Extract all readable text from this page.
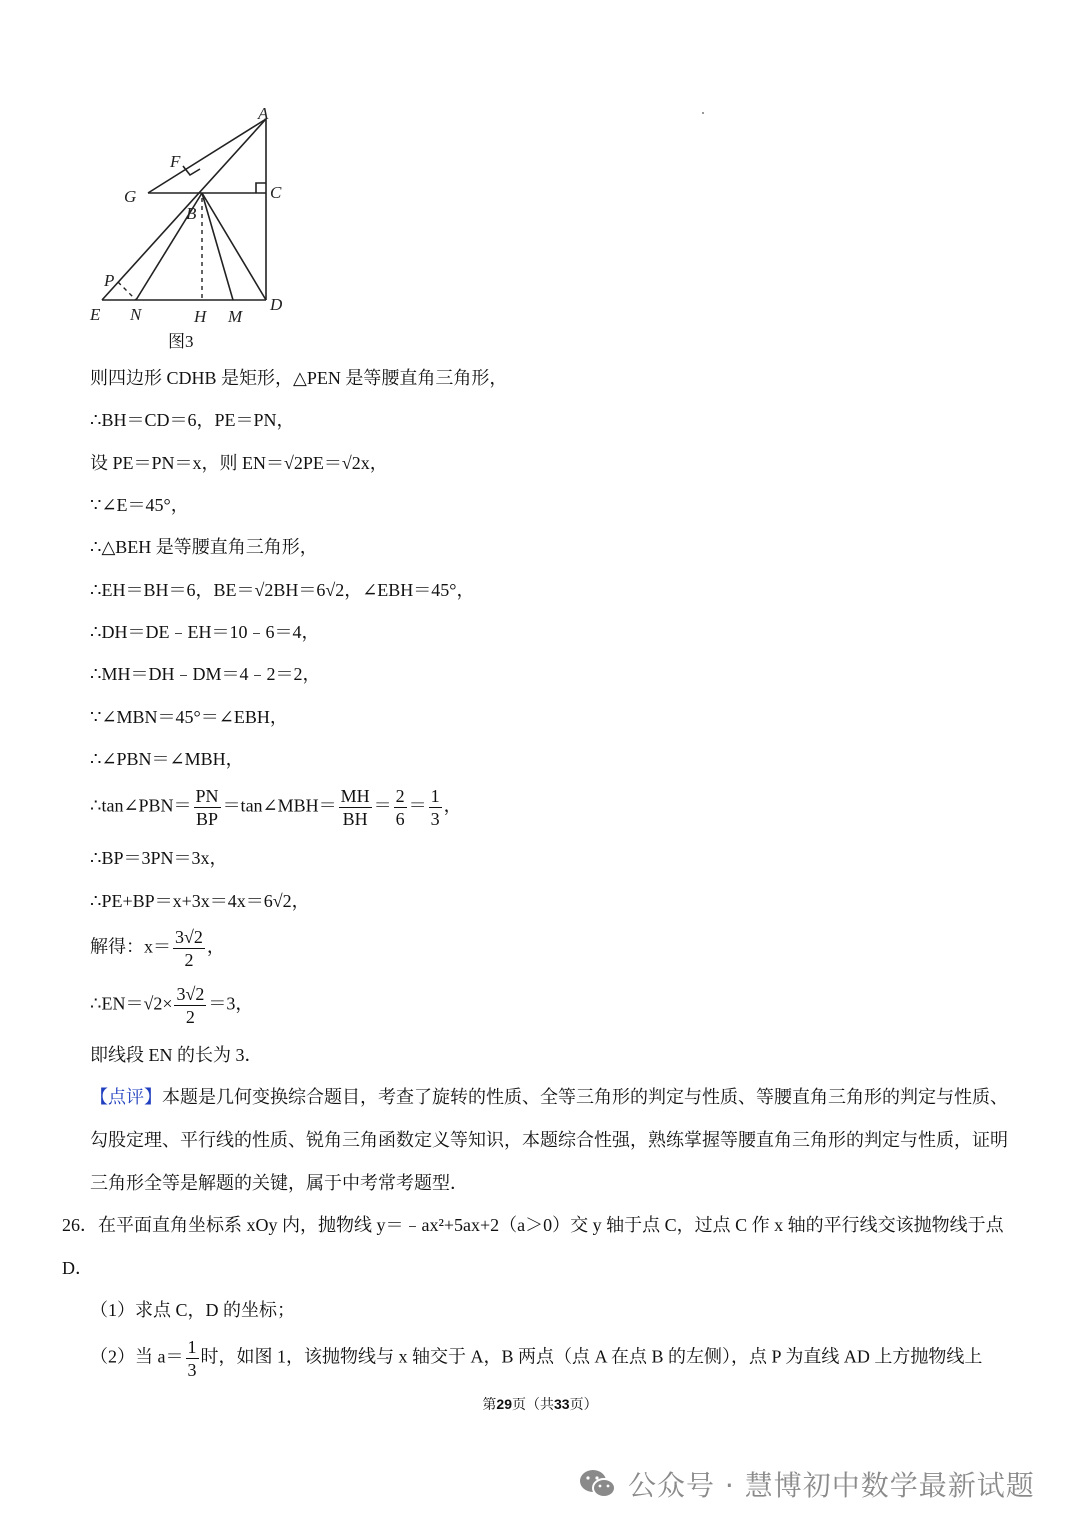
A
F
G	C
B
P
E N	H M
D
图3
则四边形 CDHB 是矩形，△PEN 是等腰直角三角形，
∴BH＝CD＝6，PE＝PN，
设 PE＝PN＝x，则 EN＝√2PE＝√2x，
∵∠E＝45°，
∴△BEH 是等腰直角三角形，
∴EH＝BH＝6，BE＝√2BH＝6√2，∠EBH＝45°，
∴DH＝DE﹣EH＝10﹣6＝4，
∴MH＝DH﹣DM＝4﹣2＝2，
∵∠MBN＝45°＝∠EBH，
∴∠PBN＝∠MBH，
∴tan∠PBN＝ $\frac{PN}{BP}$ ＝tan∠MBH＝ $\frac{MH}{BH} = \frac{2}{6} = \frac{1}{3}$ ，
∴BP＝3PN＝3x，
∴PE+BP＝x+3x＝4x＝6√2，
解得：$x= \frac{3√2}{2}$ ，
∴EN＝√2× $\frac{3√2}{2} =3$，
即线段 EN 的长为 3．
【点评】本题是几何变换综合题目，考查了旋转的性质、全等三角形的判定与性质、等腰直角三角形的判定与性质、勾股定理、平行线的性质、锐角三角函数定义等知识，本题综合性强，熟练掌握等腰直角三角形的判定与性质，证明三角形全等是解题的关键，属于中考常考题型．
26．在平面直角坐标系 xOy 内，抛物线 y＝﹣ax²+5ax+2（a＞0）交 y 轴于点 C，过点 C 作 x 轴的平行线交该抛物线于点 D．
（1）求点 C，D 的坐标；
（2）当 $a= \frac{1}{3}$ 时，如图 1，该抛物线与 x 轴交于 A，B 两点（点 A 在点 B 的左侧），点 P 为直线 AD 上方抛物线上
第29页（共33页）
公众号 · 慧博初中数学最新试题
